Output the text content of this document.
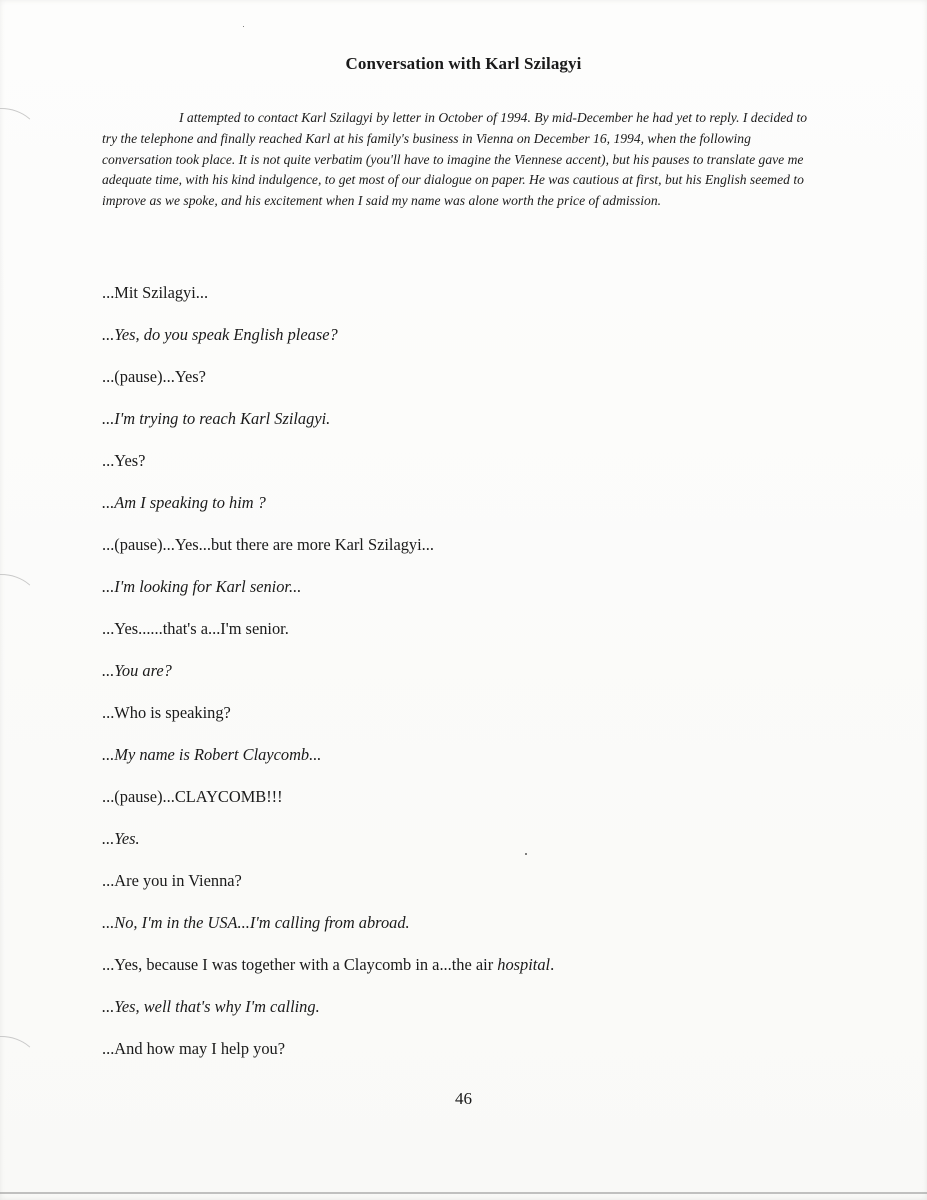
Conversation with Karl Szilagyi
I attempted to contact Karl Szilagyi by letter in October of 1994. By mid-December he had yet to reply. I decided to try the telephone and finally reached Karl at his family's business in Vienna on December 16, 1994, when the following conversation took place. It is not quite verbatim (you'll have to imagine the Viennese accent), but his pauses to translate gave me adequate time, with his kind indulgence, to get most of our dialogue on paper. He was cautious at first, but his English seemed to improve as we spoke, and his excitement when I said my name was alone worth the price of admission.
...Mit Szilagyi...
...Yes, do you speak English please?
...(pause)...Yes?
...I'm trying to reach Karl Szilagyi.
...Yes?
...Am I speaking to him ?
...(pause)...Yes...but there are more Karl Szilagyi...
...I'm looking for Karl senior...
...Yes......that's a...I'm senior.
...You are?
...Who is speaking?
...My name is Robert Claycomb...
...(pause)...CLAYCOMB!!!
...Yes.
...Are you in Vienna?
...No, I'm in the USA...I'm calling from abroad.
...Yes, because I was together with a Claycomb in a...the air hospital.
...Yes, well that's why I'm calling.
...And how may I help you?
46
